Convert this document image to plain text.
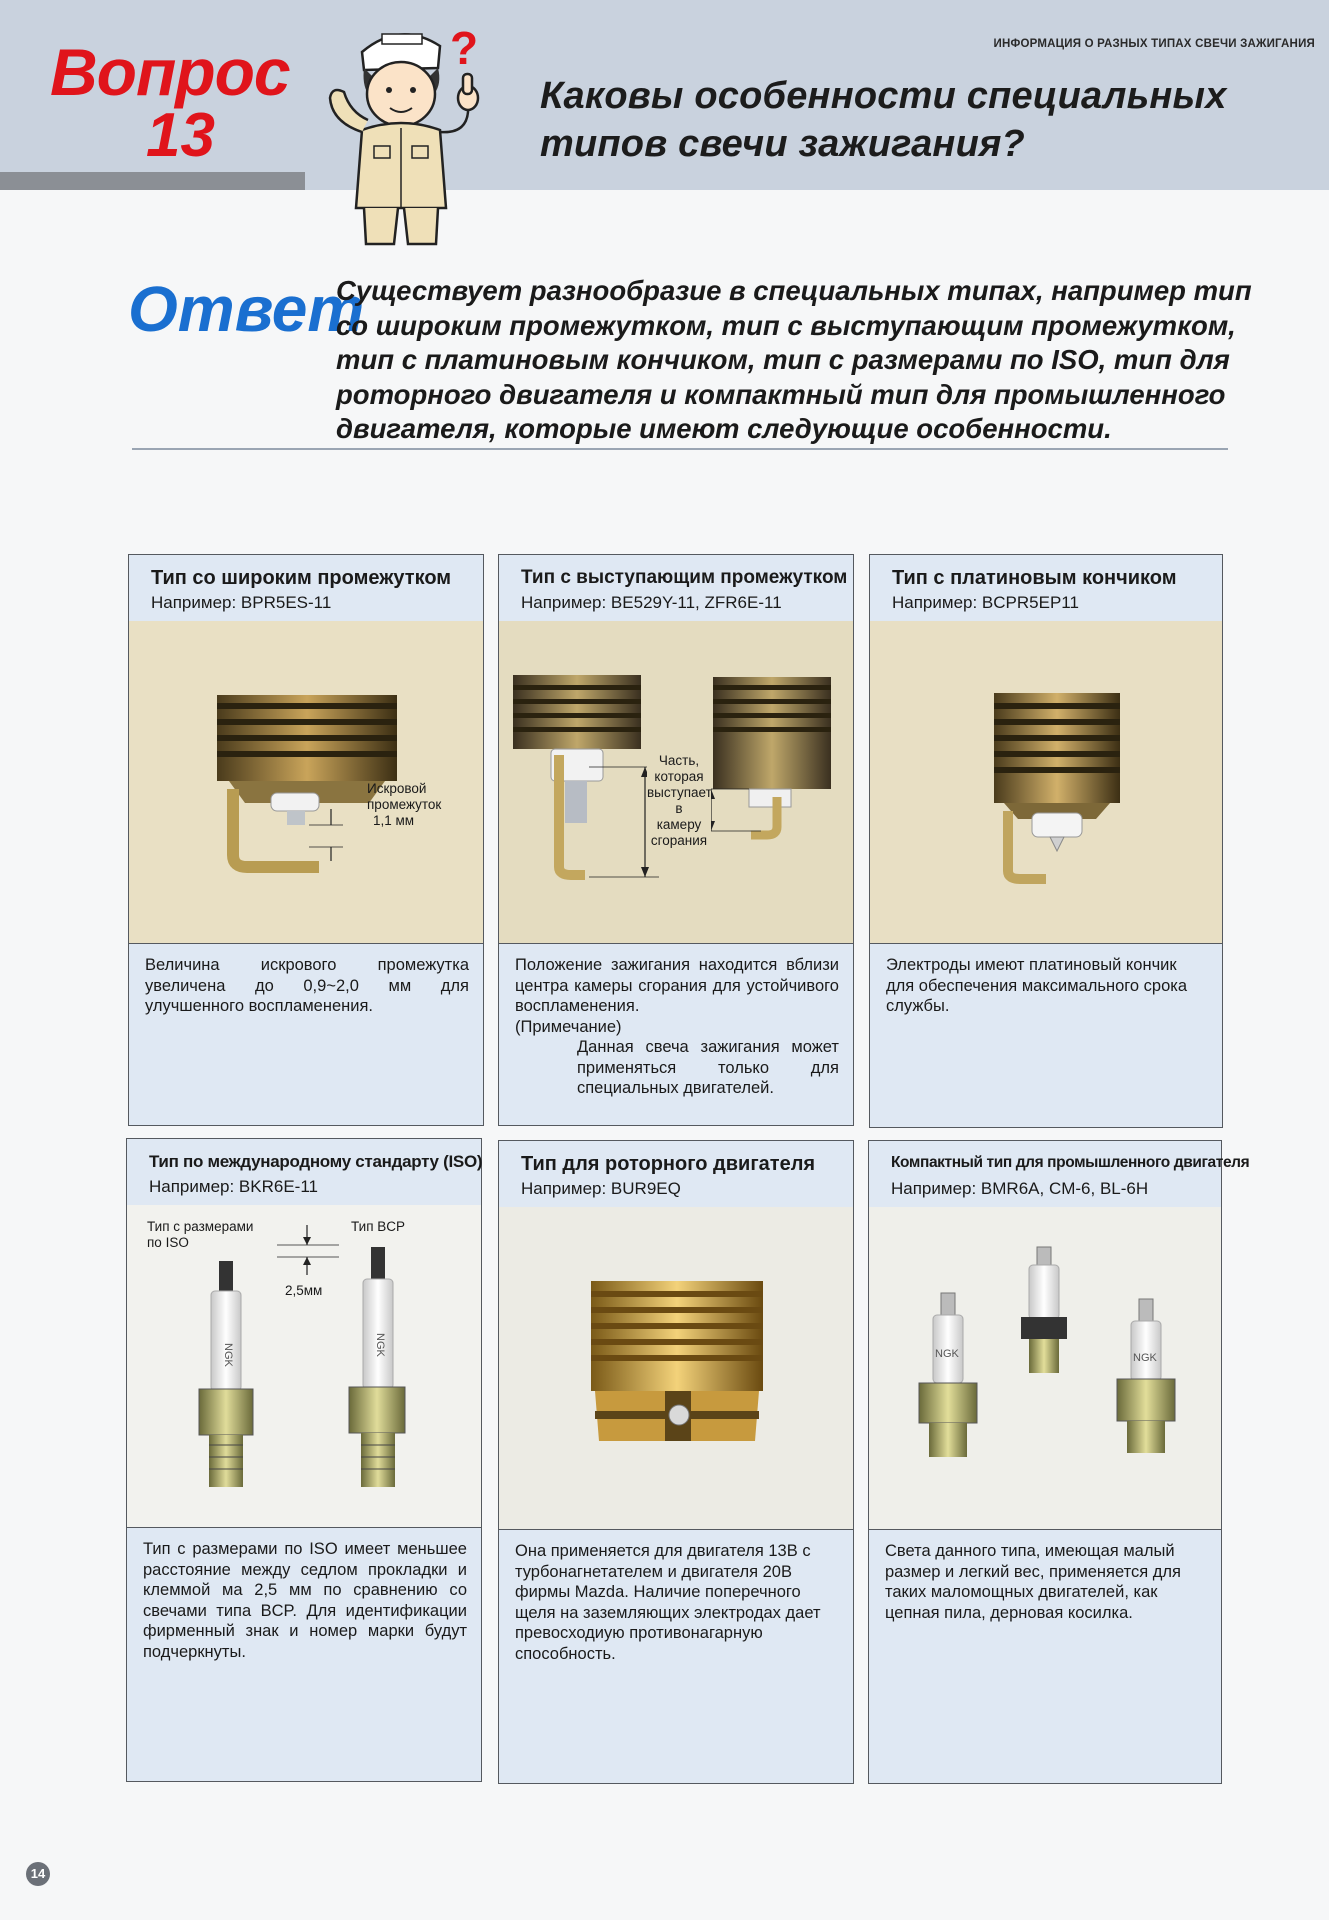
ИНФОРМАЦИЯ О РАЗНЫХ ТИПАХ СВЕЧИ ЗАЖИГАНИЯ
Вопрос
13
?
Каковы особенности специальных
типов свечи зажигания?
Ответ
Существует разнообразие в специальных типах, например тип со широким промежутком, тип с выступающим промежутком, тип с платиновым кончиком, тип с размерами по ISO, тип для роторного двигателя и компактный тип для промышленного двигателя, которые имеют следующие особенности.
Тип со широким промежутком
Например: BPR5ES-11
Искровой
промежуток
1,1 мм
Величина искрового промежутка увеличена до 0,9~2,0 мм для улучшенного воспламенения.
Тип с выступающим промежутком
Например: BE529Y-11, ZFR6E-11
Часть,
которая
выступает в
камеру
сгорания
Положение зажигания находится вблизи центра камеры сгорания для устойчивого воспламенения.
(Примечание)
Данная свеча зажигания может применяться только для специальных двигателей.
Тип с платиновым кончиком
Например: BCPR5EP11
Электроды имеют платиновый кончик для обеспечения максимального срока службы.
Тип по международному стандарту (ISO)
Например: BKR6E-11
NGK	NGK
Тип с размерами
по ISO
Тип BCP
2,5мм
Тип с размерами по ISO имеет меньшее расстояние между седлом прокладки и клеммой ма 2,5 мм по сравнению со свечами типа BCP. Для идентификации фирменный знак и номер марки будут подчеркнуты.
Тип для роторного двигателя
Например: BUR9EQ
Она применяется для двигателя 13В с турбонагнетателем и двигателя 20В фирмы Mazda. Наличие поперечного щеля на заземляющих электродах дает превосходиую противонагарную способность.
Компактный тип для промышленного двигателя
Например: BMR6A, CM-6, BL-6H
NGK	NGK
Света данного типа, имеющая малый размер и легкий вес, применяется для таких маломощных двигателей, как цепная пила, дерновая косилка.
14
